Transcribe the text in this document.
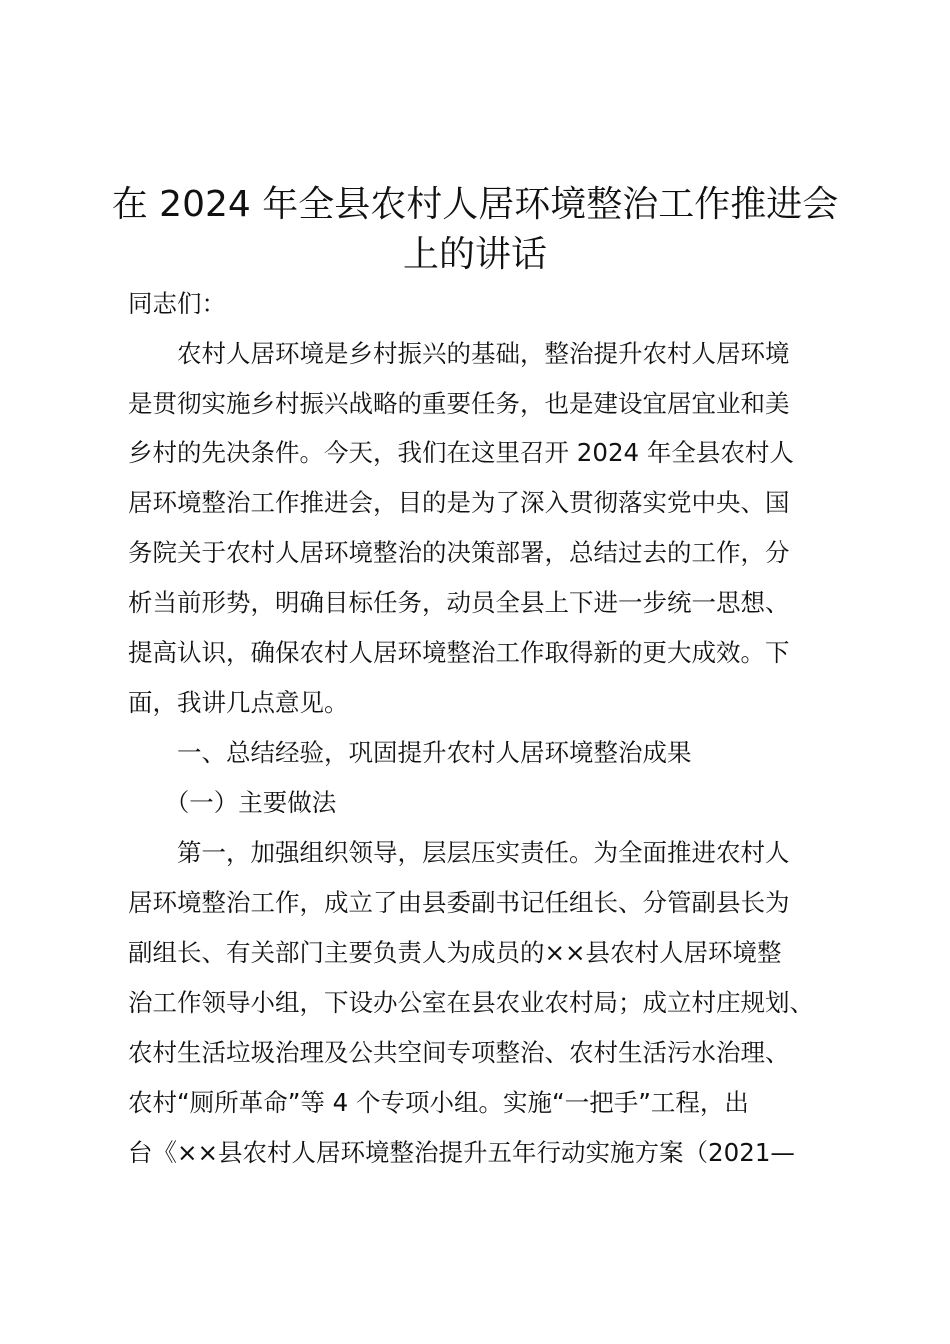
在 2024 年全县农村人居环境整治工作推进会
上的讲话

同志们：

　　农村人居环境是乡村振兴的基础，整治提升农村人居环境

是贯彻实施乡村振兴战略的重要任务，也是建设宜居宜业和美

乡村的先决条件。今天，我们在这里召开 2024 年全县农村人

居环境整治工作推进会，目的是为了深入贯彻落实党中央、国

务院关于农村人居环境整治的决策部署，总结过去的工作，分

析当前形势，明确目标任务，动员全县上下进一步统一思想、

提高认识，确保农村人居环境整治工作取得新的更大成效。下

面，我讲几点意见。

　　一、总结经验，巩固提升农村人居环境整治成果

　　（一）主要做法

　　第一，加强组织领导，层层压实责任。为全面推进农村人

居环境整治工作，成立了由县委副书记任组长、分管副县长为

副组长、有关部门主要负责人为成员的××县农村人居环境整

治工作领导小组，下设办公室在县农业农村局；成立村庄规划、

农村生活垃圾治理及公共空间专项整治、农村生活污水治理、

农村“厕所革命”等 4 个专项小组。实施“一把手”工程，出

台《××县农村人居环境整治提升五年行动实施方案（2021—
